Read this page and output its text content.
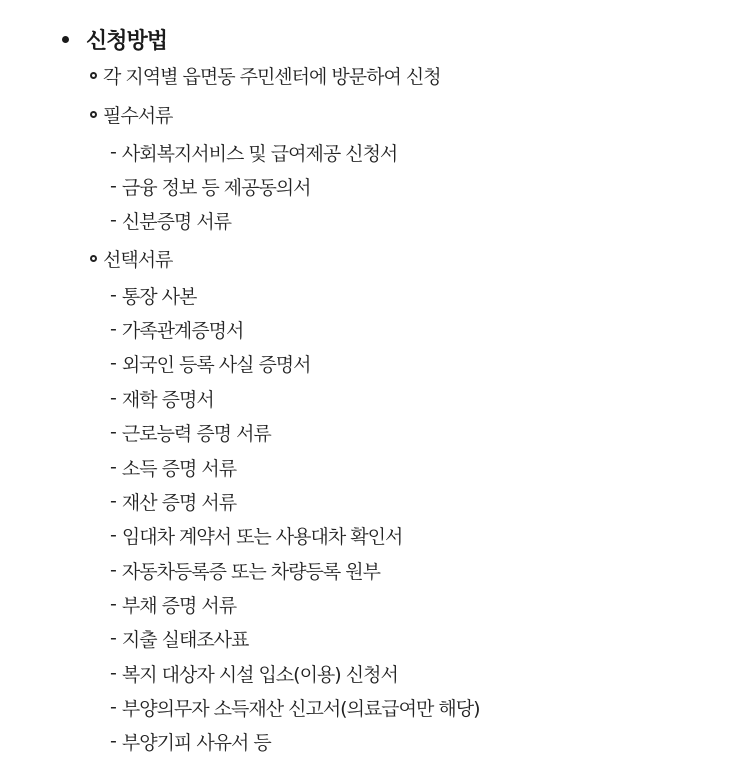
신청방법
각 지역별 읍면동 주민센터에 방문하여 신청
필수서류
- 사회복지서비스 및 급여제공 신청서
- 금융 정보 등 제공동의서
- 신분증명 서류
선택서류
- 통장 사본
- 가족관계증명서
- 외국인 등록 사실 증명서
- 재학 증명서
- 근로능력 증명 서류
- 소득 증명 서류
- 재산 증명 서류
- 임대차 계약서 또는 사용대차 확인서
- 자동차등록증 또는 차량등록 원부
- 부채 증명 서류
- 지출 실태조사표
- 복지 대상자 시설 입소(이용) 신청서
- 부양의무자 소득재산 신고서(의료급여만 해당)
- 부양기피 사유서 등
